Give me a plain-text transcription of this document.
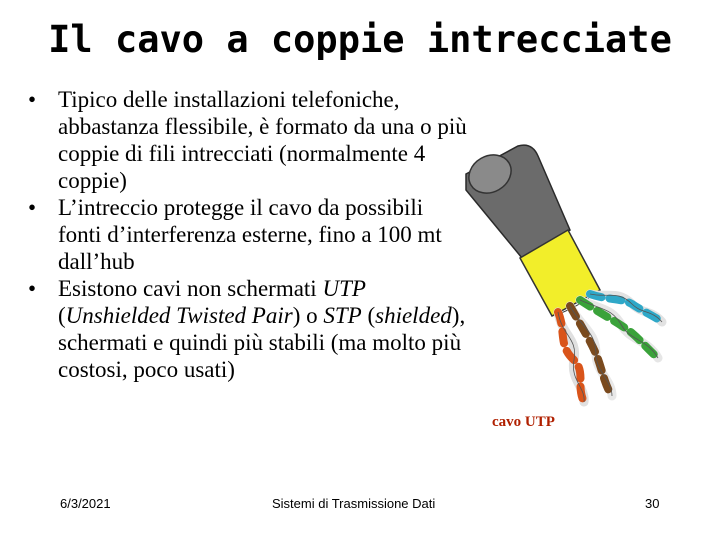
Il cavo a coppie intrecciate
• Tipico delle installazioni telefoniche, abbastanza flessibile, è formato da una o più coppie di fili intrecciati (normalmente 4 coppie)
• L’intreccio protegge il cavo da possibili fonti d’interferenza esterne, fino a 100 mt dall’hub
• Esistono cavi non schermati UTP (Unshielded Twisted Pair) o STP (shielded), schermati e quindi più stabili (ma molto più costosi, poco usati)
cavo UTP
6/3/2021	Sistemi di Trasmissione Dati	30
